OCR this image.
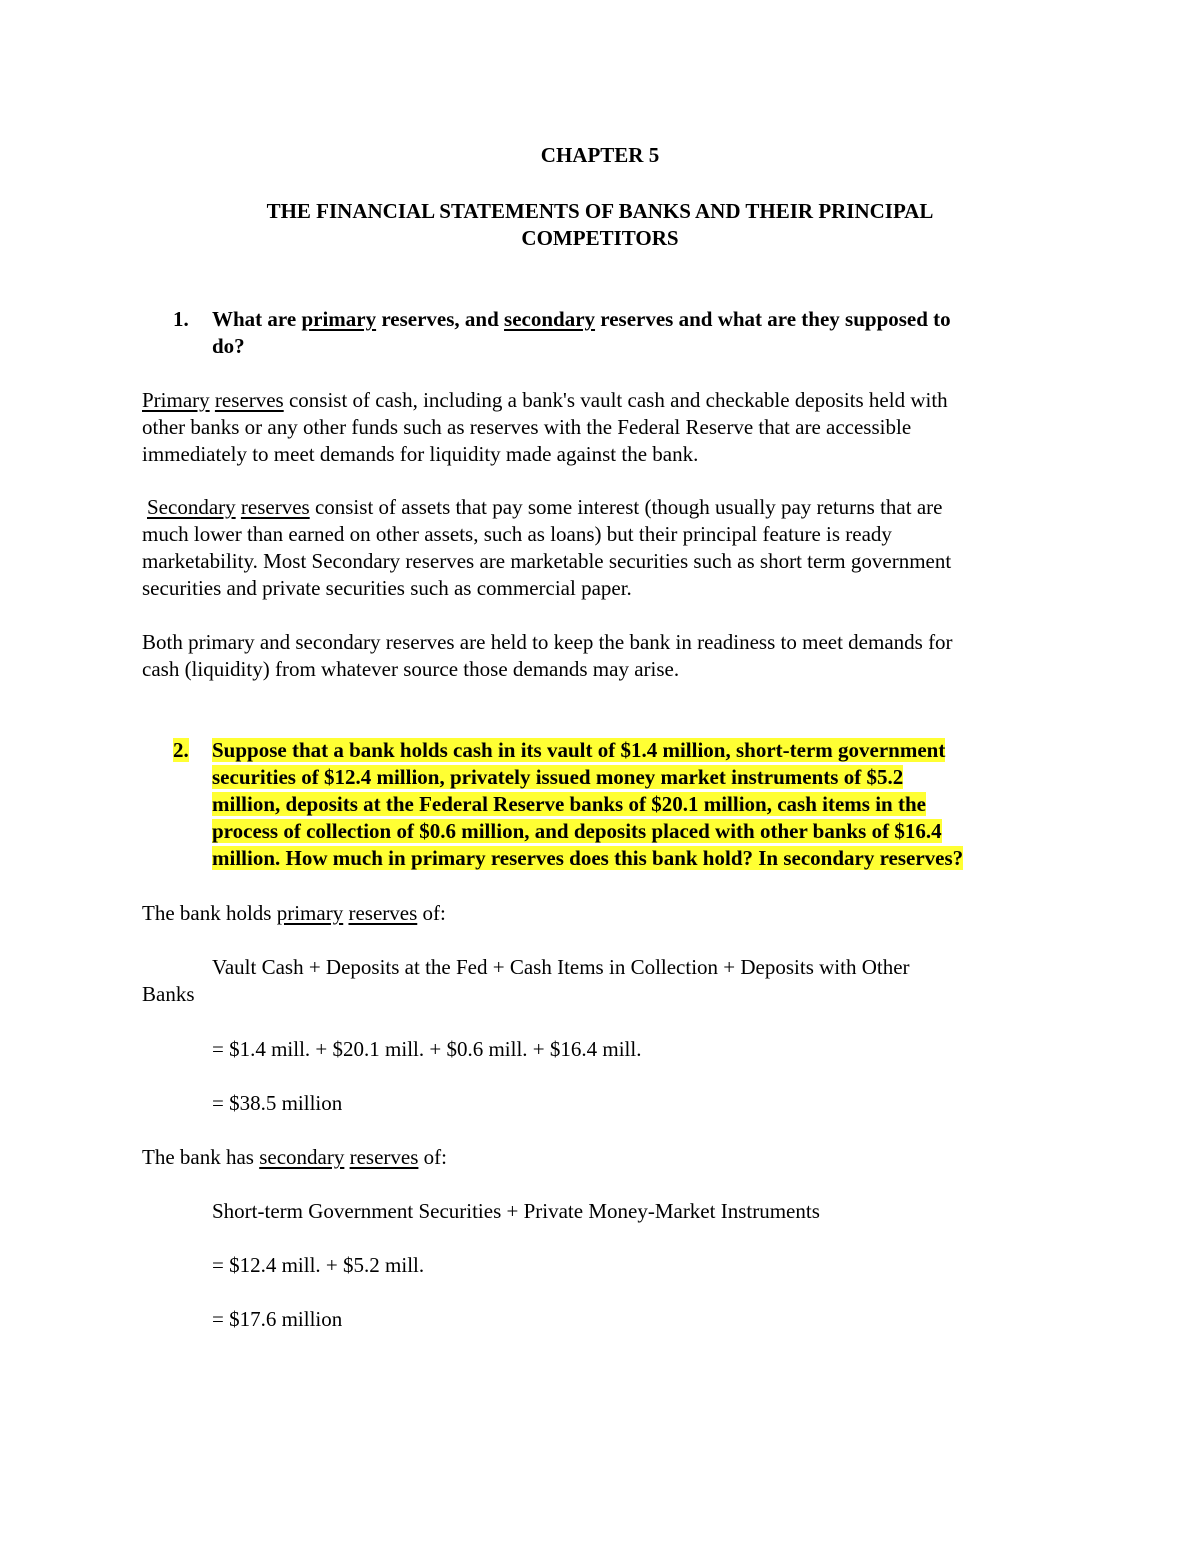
CHAPTER 5
THE FINANCIAL STATEMENTS OF BANKS AND THEIR PRINCIPAL
COMPETITORS
1. What are primary reserves, and secondary reserves and what are they supposed to
do?
Primary reserves consist of cash, including a bank's vault cash and checkable deposits held with
other banks or any other funds such as reserves with the Federal Reserve that are accessible
immediately to meet demands for liquidity made against the bank.
Secondary reserves consist of assets that pay some interest (though usually pay returns that are
much lower than earned on other assets, such as loans) but their principal feature is ready
marketability. Most Secondary reserves are marketable securities such as short term government
securities and private securities such as commercial paper.
Both primary and secondary reserves are held to keep the bank in readiness to meet demands for
cash (liquidity) from whatever source those demands may arise.
2. Suppose that a bank holds cash in its vault of $1.4 million, short-term government
securities of $12.4 million, privately issued money market instruments of $5.2
million, deposits at the Federal Reserve banks of $20.1 million, cash items in the
process of collection of $0.6 million, and deposits placed with other banks of $16.4
million. How much in primary reserves does this bank hold? In secondary reserves?
The bank holds primary reserves of:
Vault Cash + Deposits at the Fed + Cash Items in Collection + Deposits with Other
Banks
= $1.4 mill. + $20.1 mill. + $0.6 mill. + $16.4 mill.
= $38.5 million
The bank has secondary reserves of:
Short-term Government Securities + Private Money-Market Instruments
= $12.4 mill. + $5.2 mill.
= $17.6 million
